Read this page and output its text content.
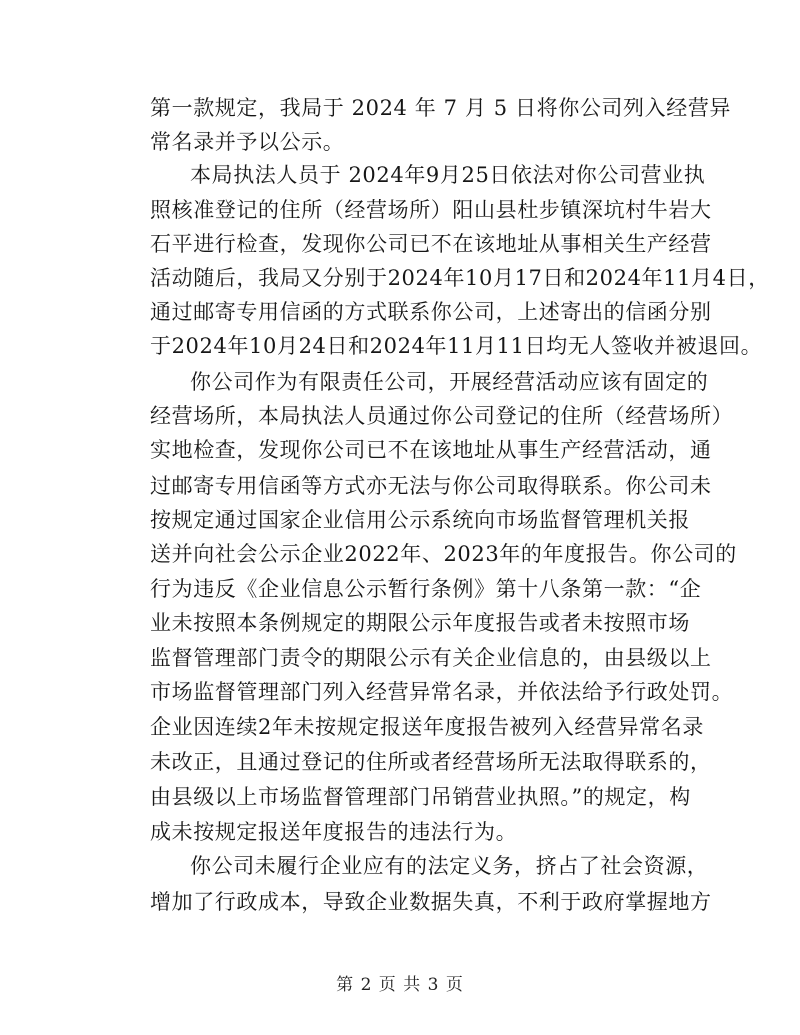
第一款规定，我局于 2024 年 7 月 5 日将你公司列入经营异
常名录并予以公示。
本局执法人员于 2024年9月25日依法对你公司营业执
照核准登记的住所（经营场所）阳山县杜步镇深坑村牛岩大
石平进行检查，发现你公司已不在该地址从事相关生产经营
活动随后，我局又分别于2024年10月17日和2024年11月4日，
通过邮寄专用信函的方式联系你公司，上述寄出的信函分别
于2024年10月24日和2024年11月11日均无人签收并被退回。
你公司作为有限责任公司，开展经营活动应该有固定的
经营场所，本局执法人员通过你公司登记的住所（经营场所）
实地检查，发现你公司已不在该地址从事生产经营活动，通
过邮寄专用信函等方式亦无法与你公司取得联系。你公司未
按规定通过国家企业信用公示系统向市场监督管理机关报
送并向社会公示企业2022年、2023年的年度报告。你公司的
行为违反《企业信息公示暂行条例》第十八条第一款：“企
业未按照本条例规定的期限公示年度报告或者未按照市场
监督管理部门责令的期限公示有关企业信息的，由县级以上
市场监督管理部门列入经营异常名录，并依法给予行政处罚。
企业因连续2年未按规定报送年度报告被列入经营异常名录
未改正，且通过登记的住所或者经营场所无法取得联系的，
由县级以上市场监督管理部门吊销营业执照。”的规定，构
成未按规定报送年度报告的违法行为。
你公司未履行企业应有的法定义务，挤占了社会资源，
增加了行政成本，导致企业数据失真，不利于政府掌握地方
第 2 页 共 3 页
